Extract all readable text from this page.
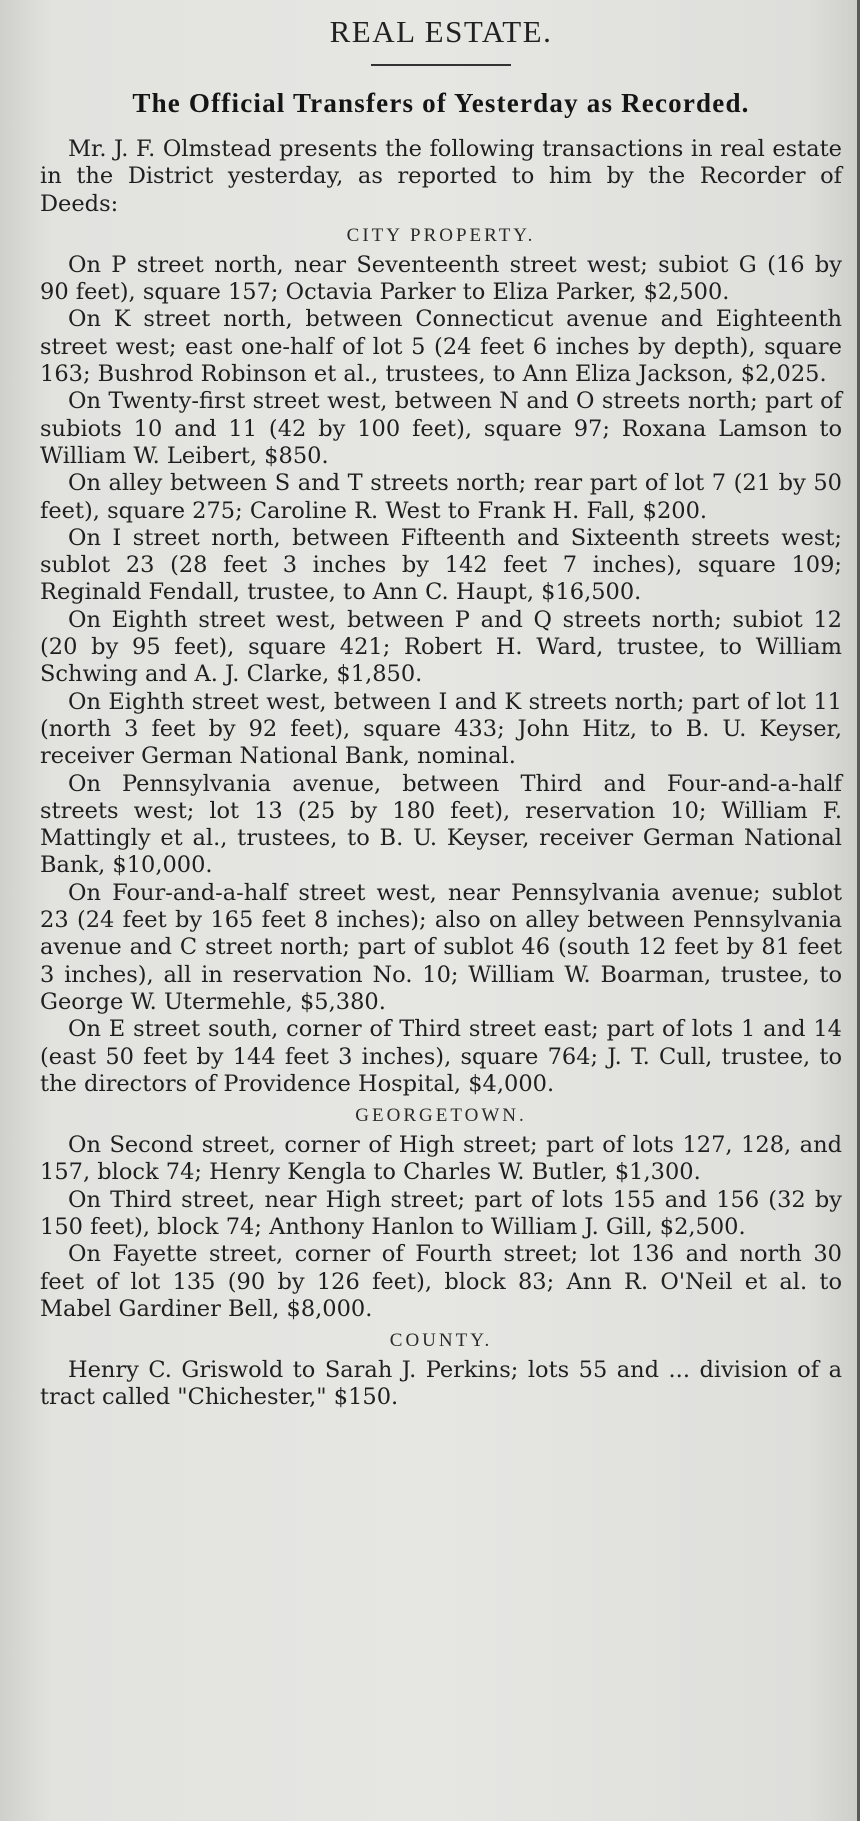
REAL ESTATE.
The Official Transfers of Yesterday as Recorded.

Mr. J. F. Olmstead presents the following transactions in real estate in the District yesterday, as reported to him by the Recorder of Deeds:

CITY PROPERTY.

On P street north, near Seventeenth street west; subiot G (16 by 90 feet), square 157; Octavia Parker to Eliza Parker, $2,500.

On K street north, between Connecticut avenue and Eighteenth street west; east one-half of lot 5 (24 feet 6 inches by depth), square 163; Bushrod Robinson et al., trustees, to Ann Eliza Jackson, $2,025.

On Twenty-first street west, between N and O streets north; part of subiots 10 and 11 (42 by 100 feet), square 97; Roxana Lamson to William W. Leibert, $850.

On alley between S and T streets north; rear part of lot 7 (21 by 50 feet), square 275; Caroline R. West to Frank H. Fall, $200.

On I street north, between Fifteenth and Sixteenth streets west; sublot 23 (28 feet 3 inches by 142 feet 7 inches), square 109; Reginald Fendall, trustee, to Ann C. Haupt, $16,500.

On Eighth street west, between P and Q streets north; subiot 12 (20 by 95 feet), square 421; Robert H. Ward, trustee, to William Schwing and A. J. Clarke, $1,850.

On Eighth street west, between I and K streets north; part of lot 11 (north 3 feet by 92 feet), square 433; John Hitz, to B. U. Keyser, receiver German National Bank, nominal.

On Pennsylvania avenue, between Third and Four-and-a-half streets west; lot 13 (25 by 180 feet), reservation 10; William F. Mattingly et al., trustees, to B. U. Keyser, receiver German National Bank, $10,000.

On Four-and-a-half street west, near Pennsylvania avenue; sublot 23 (24 feet by 165 feet 8 inches); also on alley between Pennsylvania avenue and C street north; part of sublot 46 (south 12 feet by 81 feet 3 inches), all in reservation No. 10; William W. Boarman, trustee, to George W. Utermehle, $5,380.

On E street south, corner of Third street east; part of lots 1 and 14 (east 50 feet by 144 feet 3 inches), square 764; J. T. Cull, trustee, to the directors of Providence Hospital, $4,000.

GEORGETOWN.

On Second street, corner of High street; part of lots 127, 128, and 157, block 74; Henry Kengla to Charles W. Butler, $1,300.

On Third street, near High street; part of lots 155 and 156 (32 by 150 feet), block 74; Anthony Hanlon to William J. Gill, $2,500.

On Fayette street, corner of Fourth street; lot 136 and north 30 feet of lot 135 (90 by 126 feet), block 83; Ann R. O'Neil et al. to Mabel Gardiner Bell, $8,000.

COUNTY.

Henry C. Griswold to Sarah J. Perkins; lots 55 and ... division of a tract called "Chichester," $150.
